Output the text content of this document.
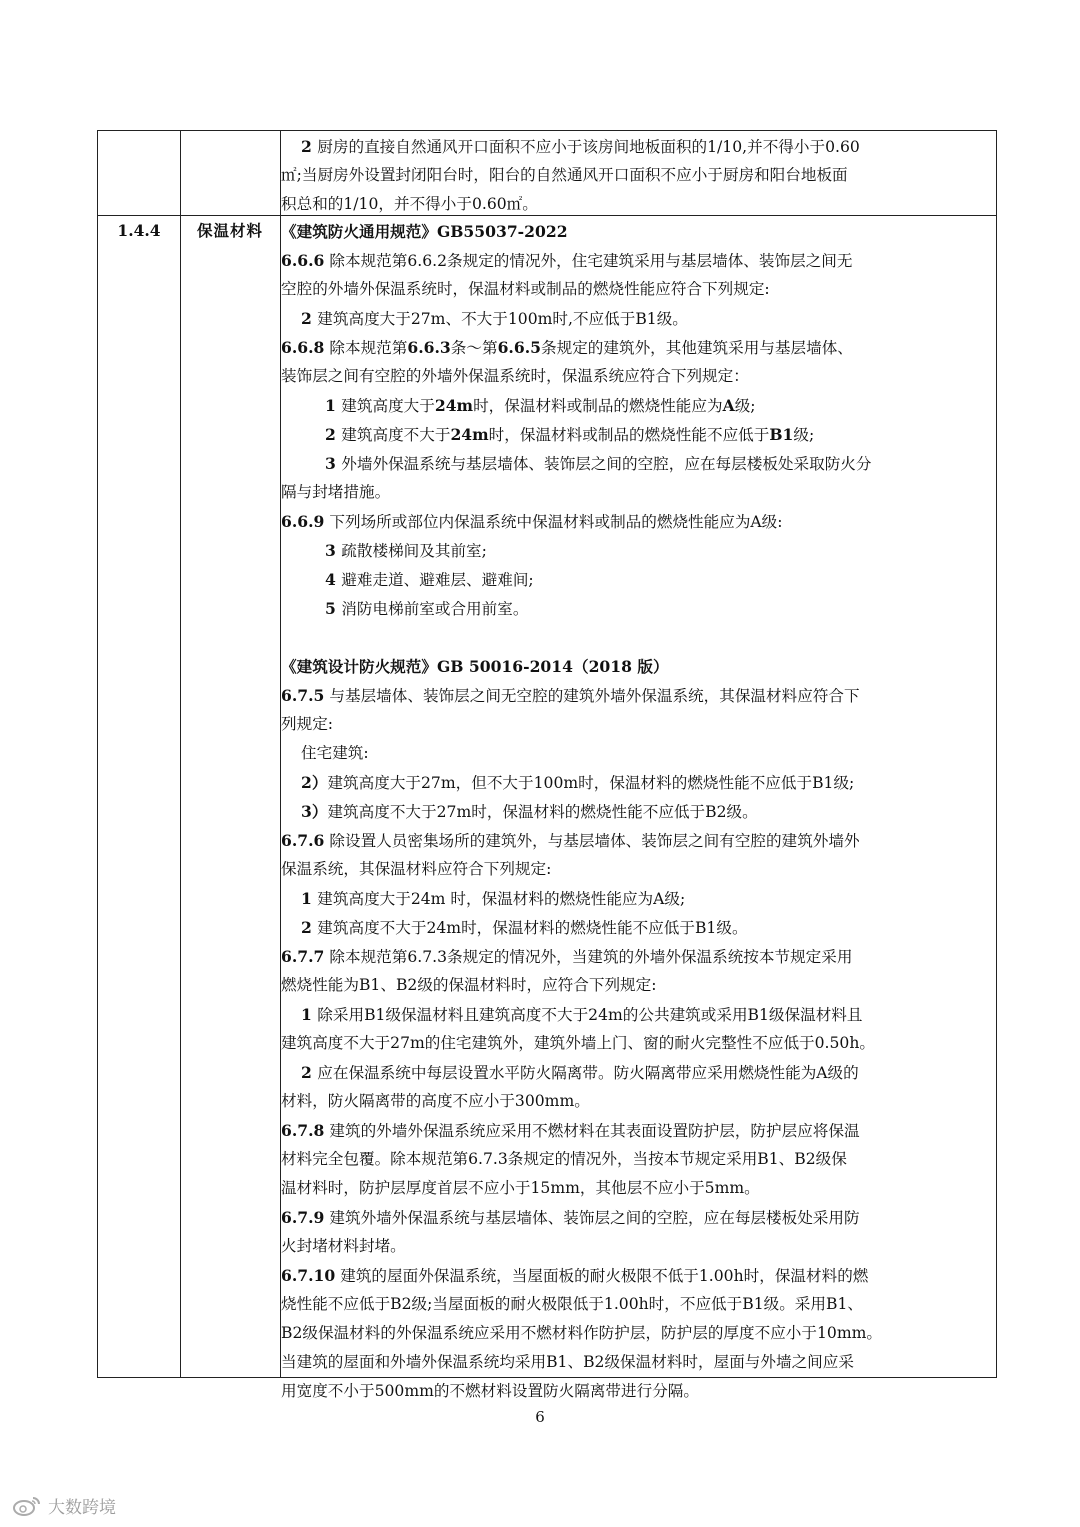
2 厨房的直接自然通风开口面积不应小于该房间地板面积的1/10,并不得小于0.60
㎡;当厨房外设置封闭阳台时，阳台的自然通风开口面积不应小于厨房和阳台地板面
积总和的1/10，并不得小于0.60㎡。
1.4.4	保温材料	《建筑防火通用规范》GB55037-2022
6.6.6 除本规范第6.6.2条规定的情况外，住宅建筑采用与基层墙体、装饰层之间无
空腔的外墙外保温系统时，保温材料或制品的燃烧性能应符合下列规定:
2 建筑高度大于27m、不大于100m时,不应低于B1级。
6.6.8 除本规范第6.6.3条～第6.6.5条规定的建筑外，其他建筑采用与基层墙体、
装饰层之间有空腔的外墙外保温系统时，保温系统应符合下列规定：
1 建筑高度大于24m时，保温材料或制品的燃烧性能应为A级;
2 建筑高度不大于24m时，保温材料或制品的燃烧性能不应低于B1级;
3 外墙外保温系统与基层墙体、装饰层之间的空腔，应在每层楼板处采取防火分
隔与封堵措施。
6.6.9 下列场所或部位内保温系统中保温材料或制品的燃烧性能应为A级:
3 疏散楼梯间及其前室;
4 避难走道、避难层、避难间;
5 消防电梯前室或合用前室。
《建筑设计防火规范》GB 50016-2014（2018 版）
6.7.5 与基层墙体、装饰层之间无空腔的建筑外墙外保温系统，其保温材料应符合下
列规定:
住宅建筑:
2）建筑高度大于27m，但不大于100m时，保温材料的燃烧性能不应低于B1级;
3）建筑高度不大于27m时，保温材料的燃烧性能不应低于B2级。
6.7.6 除设置人员密集场所的建筑外，与基层墙体、装饰层之间有空腔的建筑外墙外
保温系统，其保温材料应符合下列规定:
1 建筑高度大于24m 时，保温材料的燃烧性能应为A级;
2 建筑高度不大于24m时，保温材料的燃烧性能不应低于B1级。
6.7.7 除本规范第6.7.3条规定的情况外，当建筑的外墙外保温系统按本节规定采用
燃烧性能为B1、B2级的保温材料时，应符合下列规定:
1 除采用B1级保温材料且建筑高度不大于24m的公共建筑或采用B1级保温材料且
建筑高度不大于27m的住宅建筑外，建筑外墙上门、窗的耐火完整性不应低于0.50h。
2 应在保温系统中每层设置水平防火隔离带。防火隔离带应采用燃烧性能为A级的
材料，防火隔离带的高度不应小于300mm。
6.7.8 建筑的外墙外保温系统应采用不燃材料在其表面设置防护层，防护层应将保温
材料完全包覆。除本规范第6.7.3条规定的情况外，当按本节规定采用B1、B2级保
温材料时，防护层厚度首层不应小于15mm，其他层不应小于5mm。
6.7.9 建筑外墙外保温系统与基层墙体、装饰层之间的空腔，应在每层楼板处采用防
火封堵材料封堵。
6.7.10 建筑的屋面外保温系统，当屋面板的耐火极限不低于1.00h时，保温材料的燃
烧性能不应低于B2级;当屋面板的耐火极限低于1.00h时，不应低于B1级。采用B1、
B2级保温材料的外保温系统应采用不燃材料作防护层，防护层的厚度不应小于10mm。
当建筑的屋面和外墙外保温系统均采用B1、B2级保温材料时，屋面与外墙之间应采
用宽度不小于500mm的不燃材料设置防火隔离带进行分隔。
6
大数跨境
